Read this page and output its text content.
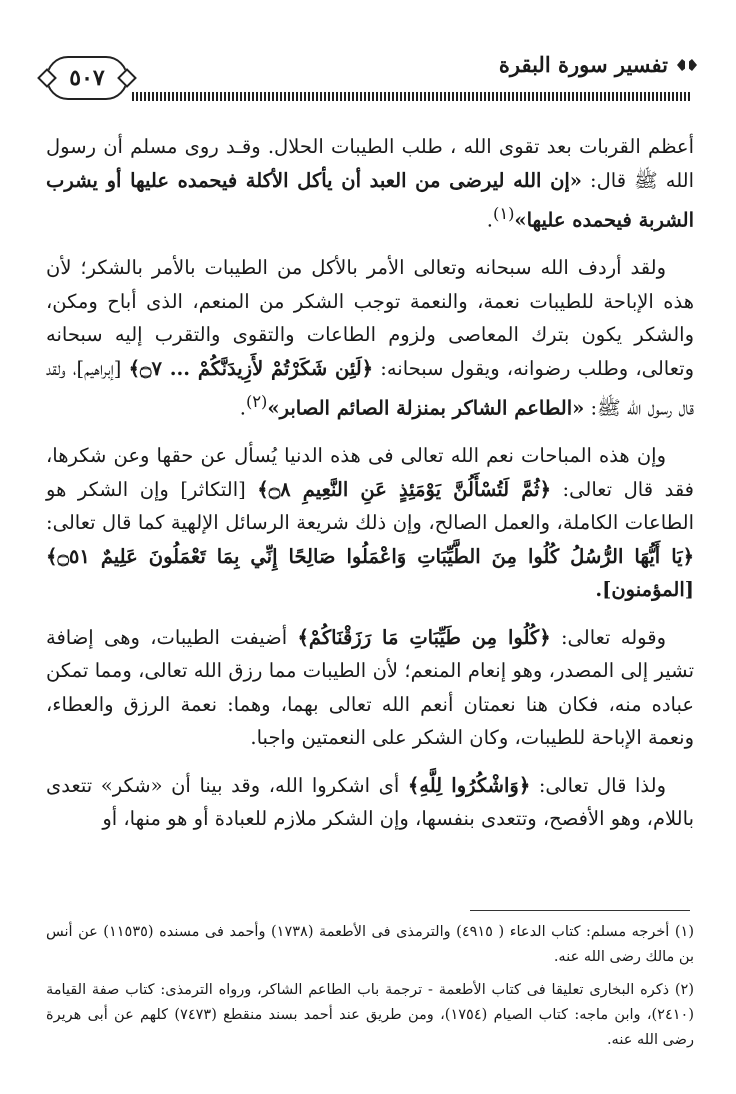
٥٠٧
تفسير سورة البقرة

أعظم القربات بعد تقوى الله ، طلب الطيبات الحلال. وقـد روى مسلم أن رسول الله ﷺ قال: «إن الله ليرضى من العبد أن يأكل الأكلة فيحمده عليها أو يشرب الشربة فيحمده عليها»$^{(١)}$.

ولقد أردف الله سبحانه وتعالى الأمر بالأكل من الطيبات بالأمر بالشكر؛ لأن هذه الإباحة للطيبات نعمة، والنعمة توجب الشكر من المنعم، الذى أباح ومكن، والشكر يكون بترك المعاصى ولزوم الطاعات والتقوى والتقرب إليه سبحانه وتعالى، وطلب رضوانه، ويقول سبحانه: ﴿لَئِن شَكَرْتُمْ لأَزِيدَنَّكُمْ ... ۝٧﴾ [إبراهيم]، ولقد قال رسول الله ﷺ: «الطاعم الشاكر بمنزلة الصائم الصابر»$^{(٢)}$.

وإن هذه المباحات نعم الله تعالى فى هذه الدنيا يُسأل عن حقها وعن شكرها، فقد قال تعالى: ﴿ثُمَّ لَتُسْأَلُنَّ يَوْمَئِذٍ عَنِ النَّعِيمِ ۝٨﴾ [التكاثر] وإن الشكر هو الطاعات الكاملة، والعمل الصالح، وإن ذلك شريعة الرسائل الإلهية كما قال تعالى: ﴿يَا أَيُّهَا الرُّسُلُ كُلُوا مِنَ الطَّيِّبَاتِ وَاعْمَلُوا صَالِحًا إِنِّي بِمَا تَعْمَلُونَ عَلِيمٌ ۝٥١﴾ [المؤمنون].

وقوله تعالى: ﴿كُلُوا مِن طَيِّبَاتِ مَا رَزَقْنَاكُمْ﴾ أضيفت الطيبات، وهى إضافة تشير إلى المصدر، وهو إنعام المنعم؛ لأن الطيبات مما رزق الله تعالى، ومما تمكن عباده منه، فكان هنا نعمتان أنعم الله تعالى بهما، وهما: نعمة الرزق والعطاء، ونعمة الإباحة للطيبات، وكان الشكر على النعمتين واجبا.

ولذا قال تعالى: ﴿وَاشْكُرُوا لِلَّهِ﴾ أى اشكروا الله، وقد بينا أن «شكر» تتعدى باللام، وهو الأفصح، وتتعدى بنفسها، وإن الشكر ملازم للعبادة أو هو منها، أو

(١) أخرجه مسلم: كتاب الدعاء ( ٤٩١٥) والترمذى فى الأطعمة (١٧٣٨) وأحمد فى مسنده (١١٥٣٥) عن أنس بن مالك رضى الله عنه.

(٢) ذكره البخارى تعليقا فى كتاب الأطعمة - ترجمة باب الطاعم الشاكر، ورواه الترمذى: كتاب صفة القيامة (٢٤١٠)، وابن ماجه: كتاب الصيام (١٧٥٤)، ومن طريق عند أحمد بسند منقطع (٧٤٧٣) كلهم عن أبى هريرة رضى الله عنه.
